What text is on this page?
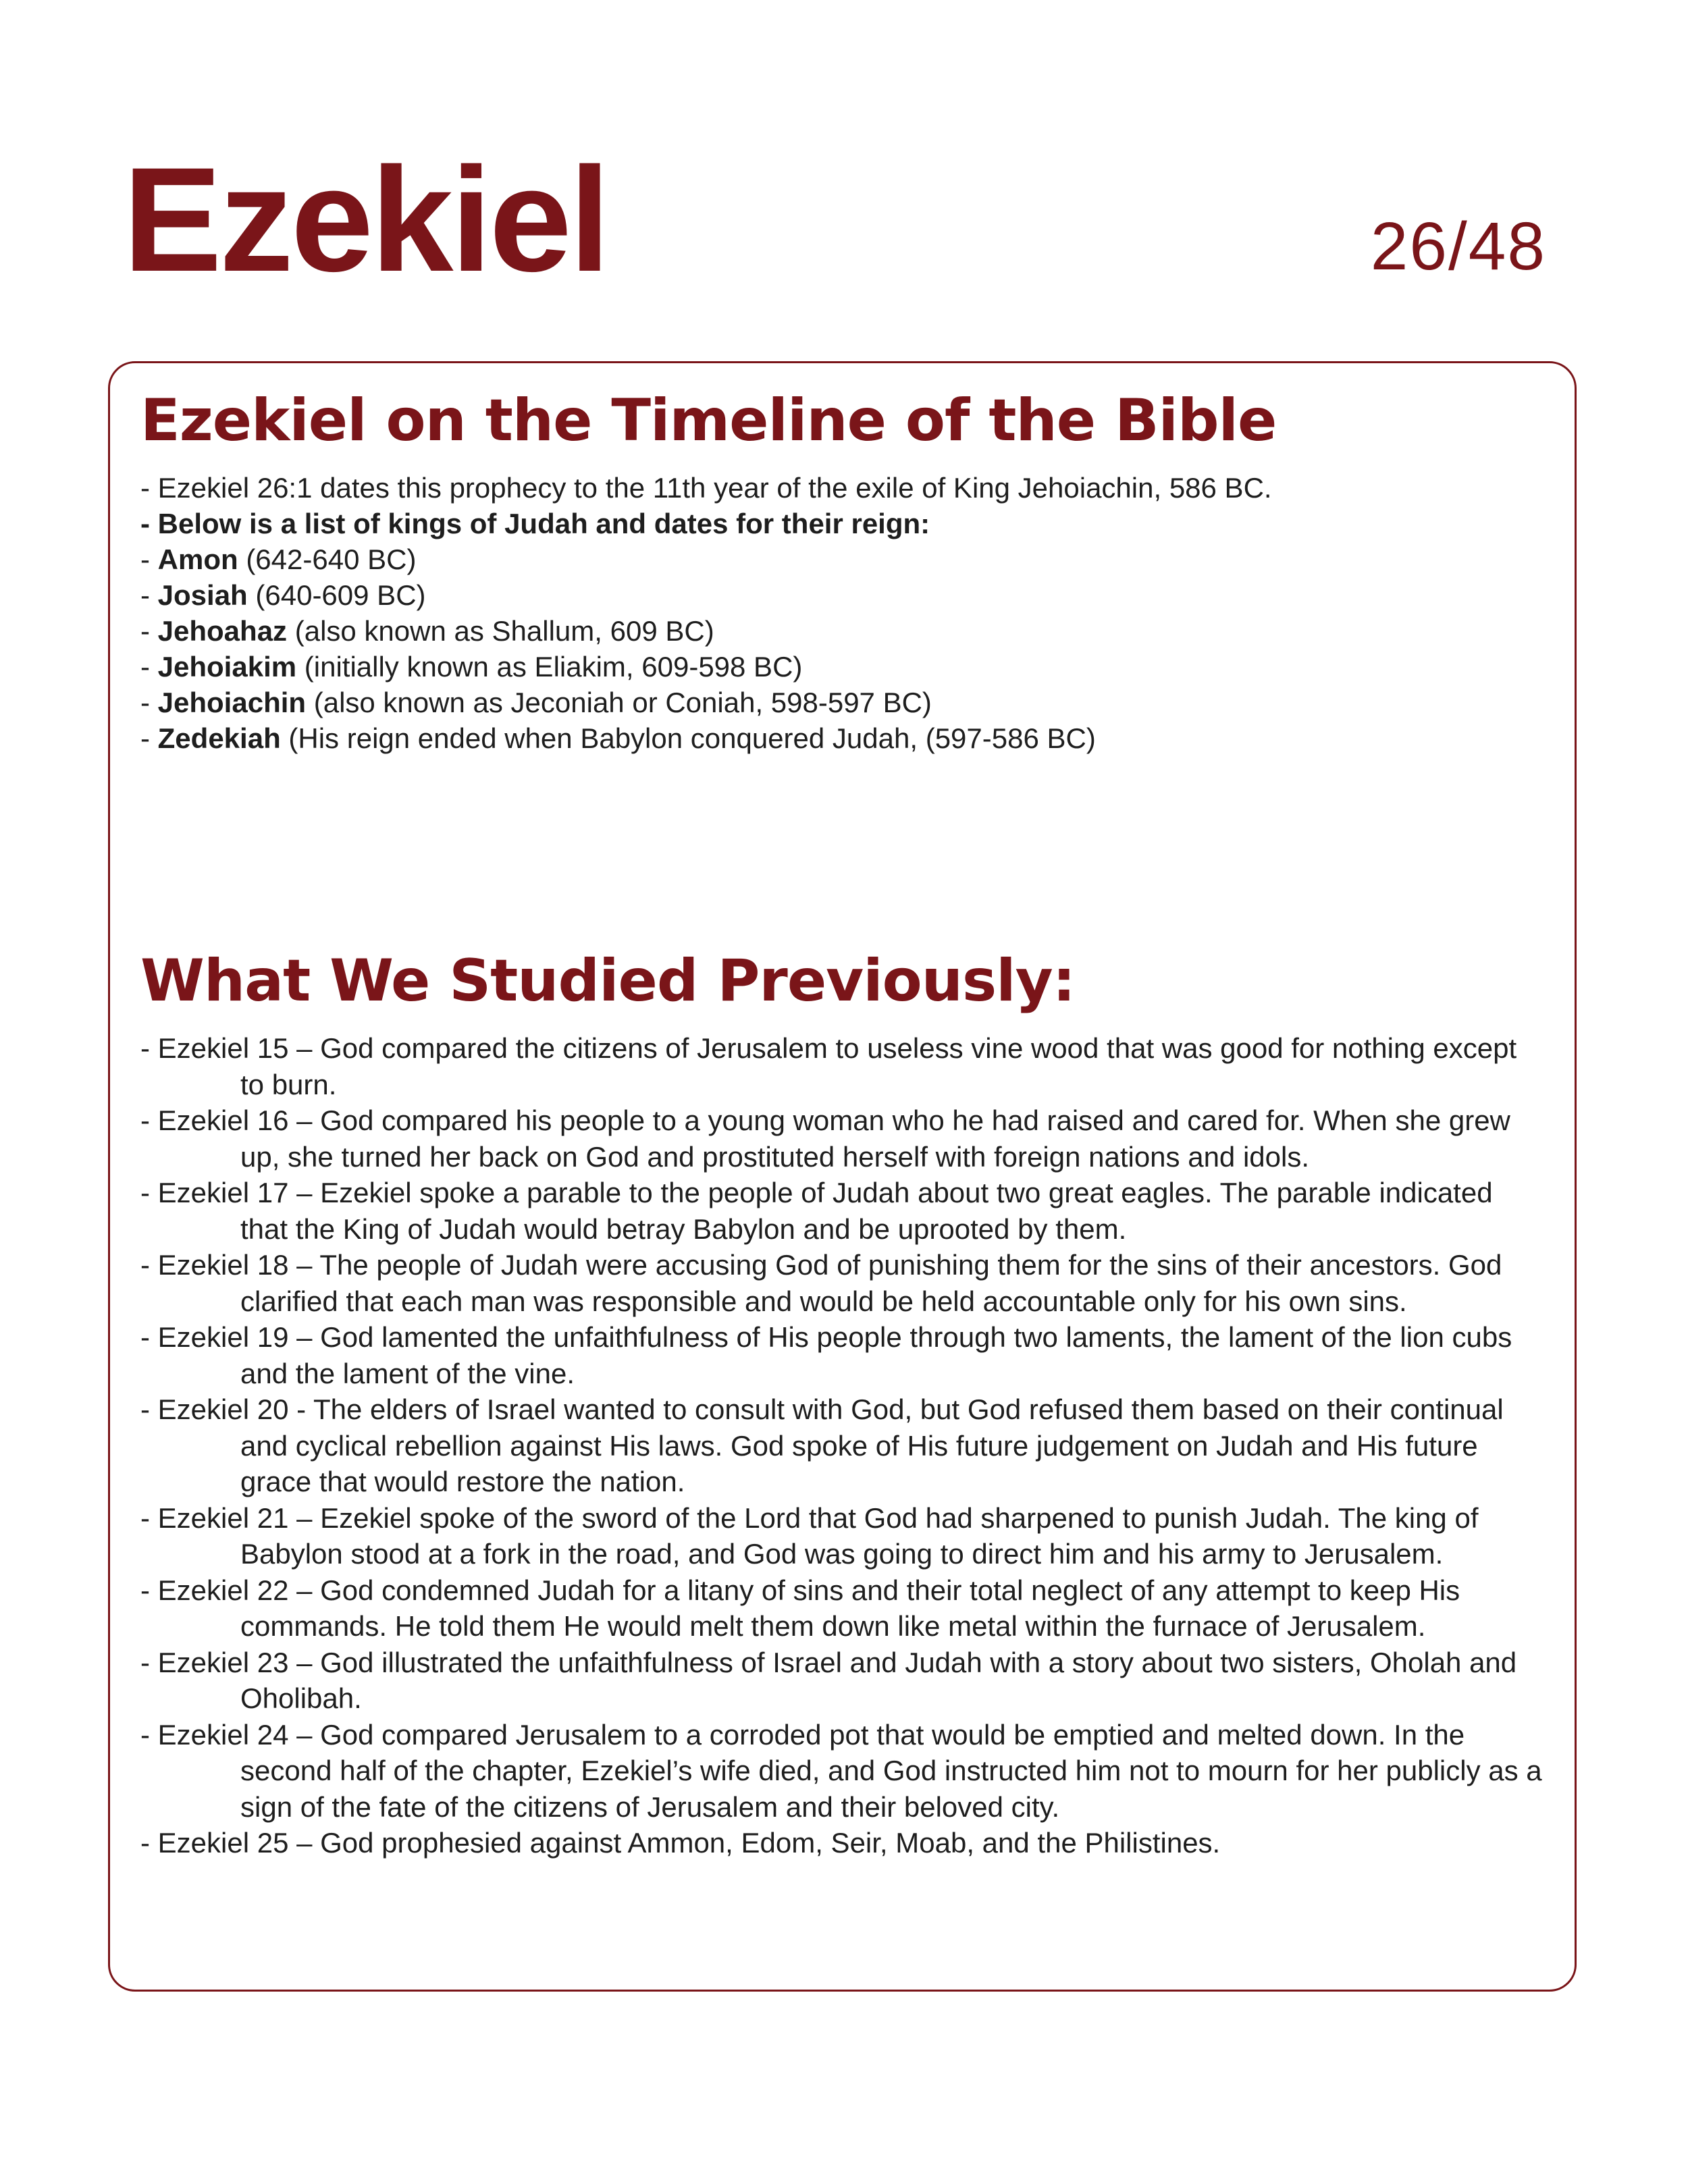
Ezekiel	26/48
Ezekiel on the Timeline of the Bible

- Ezekiel 26:1 dates this prophecy to the 11th year of the exile of King Jehoiachin, 586 BC.

- Below is a list of kings of Judah and dates for their reign:

- Amon (642-640 BC)

- Josiah (640-609 BC)

- Jehoahaz (also known as Shallum, 609 BC)

- Jehoiakim (initially known as Eliakim, 609-598 BC)

- Jehoiachin (also known as Jeconiah or Coniah, 598-597 BC)

- Zedekiah (His reign ended when Babylon conquered Judah, (597-586 BC)

What We Studied Previously:

- Ezekiel 15 – God compared the citizens of Jerusalem to useless vine wood that was good for nothing except to burn.

- Ezekiel 16 – God compared his people to a young woman who he had raised and cared for. When she grew up, she turned her back on God and prostituted herself with foreign nations and idols.

- Ezekiel 17 – Ezekiel spoke a parable to the people of Judah about two great eagles. The parable indicated that the King of Judah would betray Babylon and be uprooted by them.

- Ezekiel 18 – The people of Judah were accusing God of punishing them for the sins of their ancestors. God clarified that each man was responsible and would be held accountable only for his own sins.

- Ezekiel 19 – God lamented the unfaithfulness of His people through two laments, the lament of the lion cubs and the lament of the vine.

- Ezekiel 20 - The elders of Israel wanted to consult with God, but God refused them based on their continual and cyclical rebellion against His laws. God spoke of His future judgement on Judah and His future grace that would restore the nation.

- Ezekiel 21 – Ezekiel spoke of the sword of the Lord that God had sharpened to punish Judah. The king of Babylon stood at a fork in the road, and God was going to direct him and his army to Jerusalem.

- Ezekiel 22 – God condemned Judah for a litany of sins and their total neglect of any attempt to keep His commands. He told them He would melt them down like metal within the furnace of Jerusalem.

- Ezekiel 23 – God illustrated the unfaithfulness of Israel and Judah with a story about two sisters, Oholah and Oholibah.

- Ezekiel 24 – God compared Jerusalem to a corroded pot that would be emptied and melted down. In the second half of the chapter, Ezekiel’s wife died, and God instructed him not to mourn for her publicly as a sign of the fate of the citizens of Jerusalem and their beloved city.

- Ezekiel 25 – God prophesied against Ammon, Edom, Seir, Moab, and the Philistines.
